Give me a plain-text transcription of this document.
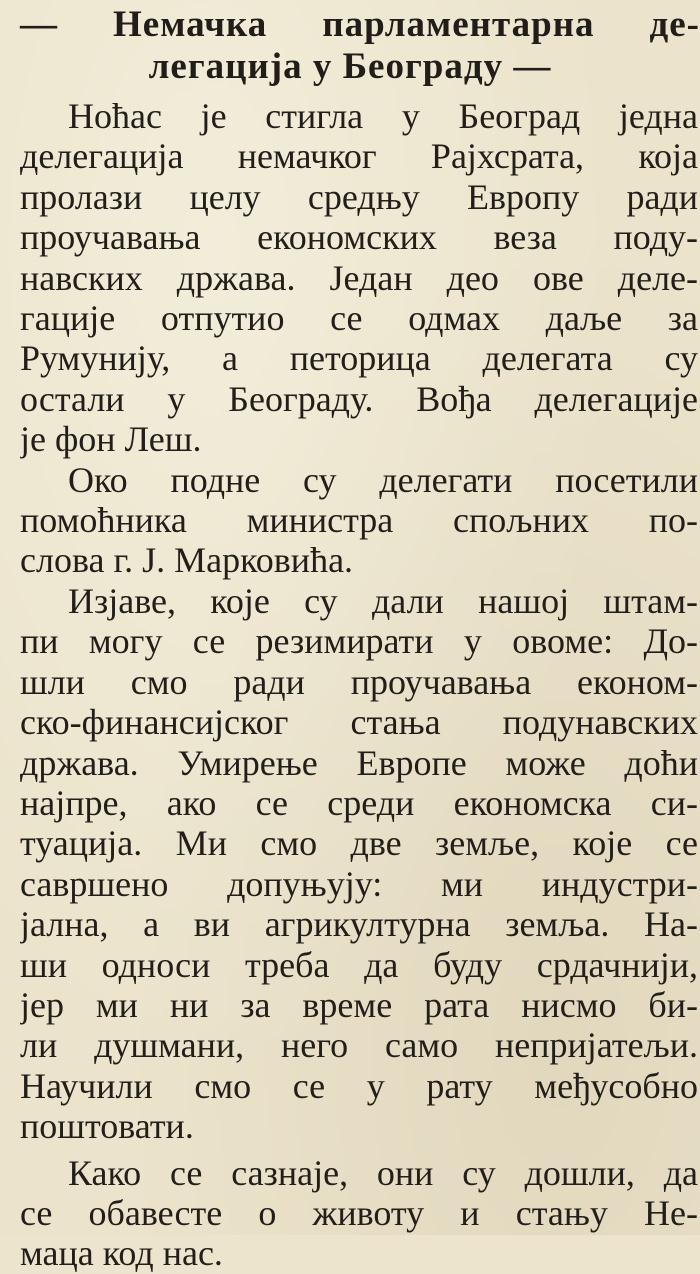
— Немачка парламентарна де-
легација у Београду —
Ноћас је стигла у Београд једна
делегација немачког Рајхсрата, која
пролази целу средњу Европу ради
проучавања економских веза поду-
навских држава. Један део ове деле-
гације отпутио се одмах даље за
Румунију, а петорица делегата су
остали у Београду. Вођа делегације
је фон Леш.
Око подне су делегати посетили
помоћника министра спољних по-
слова г. Ј. Марковића.
Изјаве, које су дали нашој штам-
пи могу се резимирати у овоме: До-
шли смо ради проучавања економ-
ско-финансијског стања подунавских
држава. Умирење Европе може доћи
најпре, ако се среди економска си-
туација. Ми смо две земље, које се
савршено допуњују: ми индустри-
јална, а ви агрикултурна земља. На-
ши односи треба да буду срдачнији,
јер ми ни за време рата нисмо би-
ли душмани, него само непријатељи.
Научили смо се у рату међусобно
поштовати.
Како се сазнаје, они су дошли, да
се обавесте о животу и стању Не-
маца код нас.
